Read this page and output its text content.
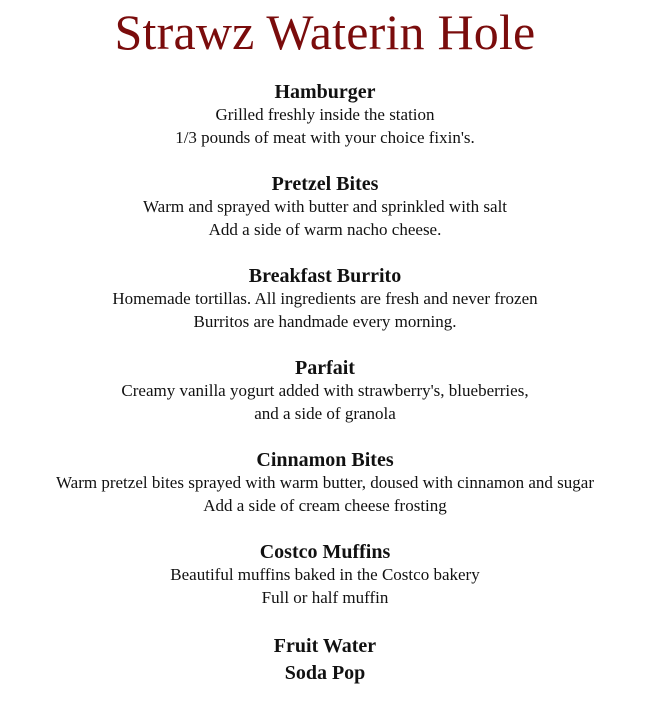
Strawz Waterin Hole
Hamburger
Grilled freshly inside the station
1/3 pounds of meat with your choice fixin's.
Pretzel Bites
Warm and sprayed with butter and sprinkled with salt
Add a side of warm nacho cheese.
Breakfast Burrito
Homemade tortillas. All ingredients are fresh and never frozen
Burritos are handmade every morning.
Parfait
Creamy vanilla yogurt added with strawberry's, blueberries,
and a side of granola
Cinnamon Bites
Warm pretzel bites sprayed with warm butter, doused with cinnamon and sugar
Add a side of cream cheese frosting
Costco Muffins
Beautiful muffins baked in the Costco bakery
Full or half muffin
Fruit Water
Soda Pop
